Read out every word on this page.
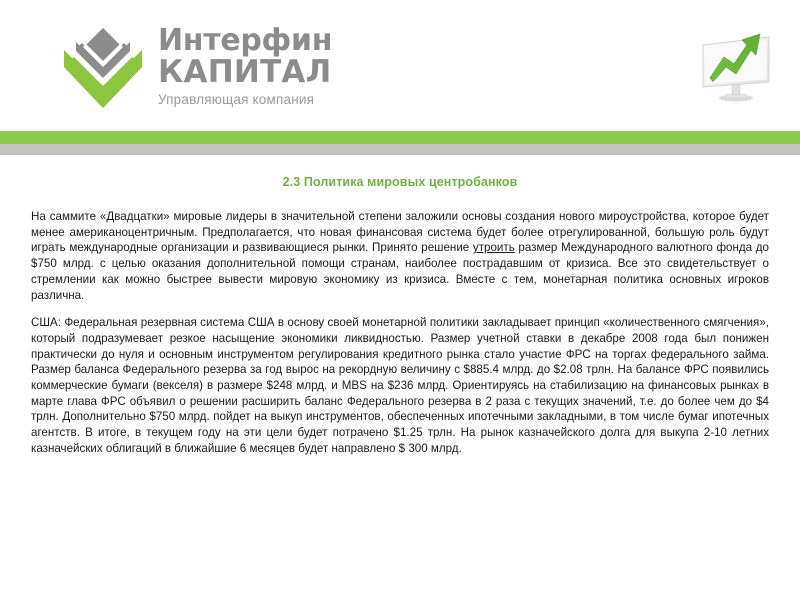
Интерфин
КАПИТАЛ
Управляющая компания
2.3 Политика мировых центробанков

На саммите «Двадцатки» мировые лидеры в значительной степени заложили основы создания нового мироустройства, которое будет менее американоцентричным. Предполагается, что новая финансовая система будет более отрегулированной, большую роль будут играть международные организации и развивающиеся рынки. Принято решение утроить размер Международного валютного фонда до $750 млрд. с целью оказания дополнительной помощи странам, наиболее пострадавшим от кризиса. Все это свидетельствует о стремлении как можно быстрее вывести мировую экономику из кризиса. Вместе с тем, монетарная политика основных игроков различна.

США: Федеральная резервная система США в основу своей монетарной политики закладывает принцип «количественного смягчения», который подразумевает резкое насыщение экономики ликвидностью. Размер учетной ставки в декабре 2008 года был понижен практически до нуля и основным инструментом регулирования кредитного рынка стало участие ФРС на торгах федерального займа. Размер баланса Федерального резерва за год вырос на рекордную величину с $885.4 млрд. до $2.08 трлн. На балансе ФРС появились коммерческие бумаги (векселя) в размере $248 млрд. и MBS на $236 млрд. Ориентируясь на стабилизацию на финансовых рынках в марте глава ФРС объявил о решении расширить баланс Федерального резерва в 2 раза с текущих значений, т.е. до более чем до $4 трлн. Дополнительно $750 млрд. пойдет на выкуп инструментов, обеспеченных ипотечными закладными, в том числе бумаг ипотечных агентств. В итоге, в текущем году на эти цели будет потрачено $1.25 трлн. На рынок казначейского долга для выкупа 2-10 летних казначейских облигаций в ближайшие 6 месяцев будет направлено $ 300 млрд.
